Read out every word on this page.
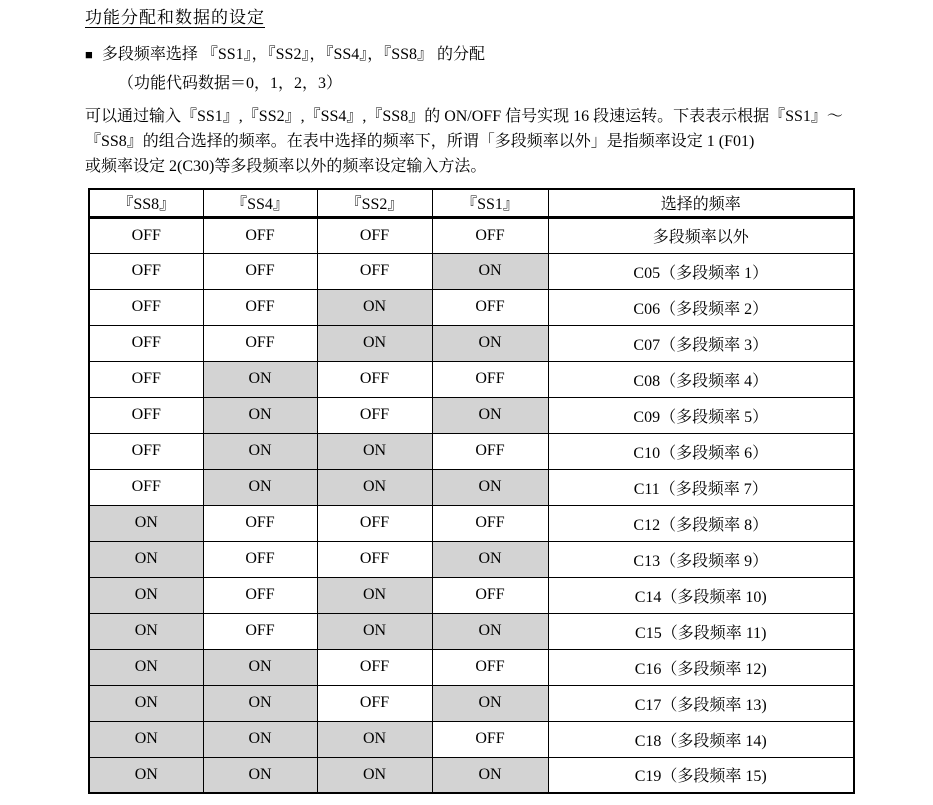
功能分配和数据的设定
■ 多段频率选择 『SS1』，『SS2』，『SS4』，『SS8』 的分配
（功能代码数据＝0，1，2，3）
可以通过输入『SS1』,『SS2』,『SS4』,『SS8』的 ON/OFF 信号实现 16 段速运转。下表表示根据『SS1』～
『SS8』的组合选择的频率。在表中选择的频率下，所谓「多段频率以外」是指频率设定 1 (F01)
或频率设定 2(C30)等多段频率以外的频率设定输入方法。
『SS8』	『SS4』	『SS2』	『SS1』	选择的频率
OFF	OFF	OFF	OFF	多段频率以外
OFF	OFF	OFF	ON	C05（多段频率 1）
OFF	OFF	ON	OFF	C06（多段频率 2）
OFF	OFF	ON	ON	C07（多段频率 3）
OFF	ON	OFF	OFF	C08（多段频率 4）
OFF	ON	OFF	ON	C09（多段频率 5）
OFF	ON	ON	OFF	C10（多段频率 6）
OFF	ON	ON	ON	C11（多段频率 7）
ON	OFF	OFF	OFF	C12（多段频率 8）
ON	OFF	OFF	ON	C13（多段频率 9）
ON	OFF	ON	OFF	C14（多段频率 10)
ON	OFF	ON	ON	C15（多段频率 11)
ON	ON	OFF	OFF	C16（多段频率 12)
ON	ON	OFF	ON	C17（多段频率 13)
ON	ON	ON	OFF	C18（多段频率 14)
ON	ON	ON	ON	C19（多段频率 15)
